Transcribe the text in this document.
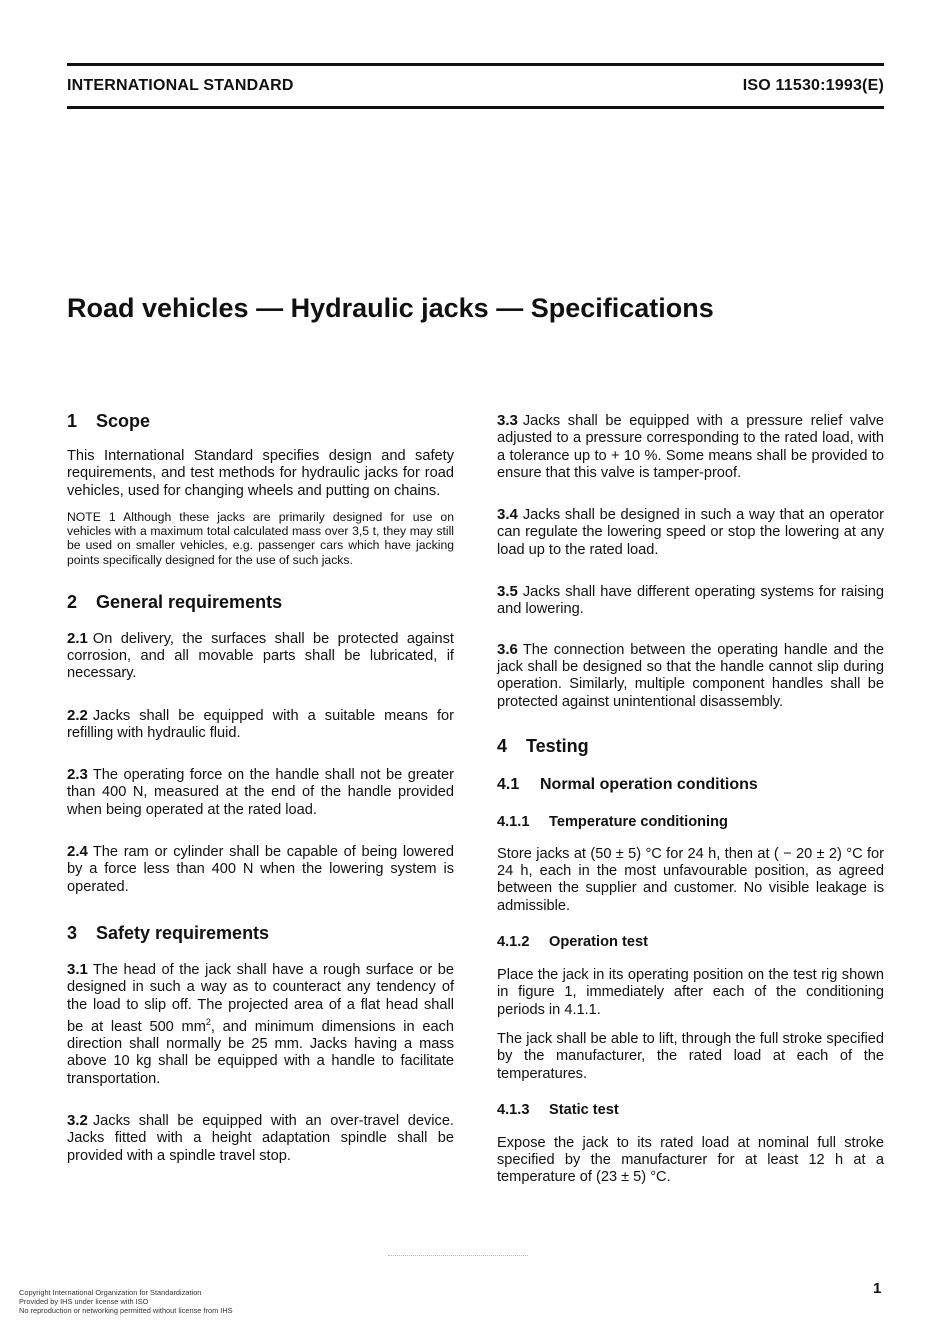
INTERNATIONAL STANDARD	ISO 11530:1993(E)
Road vehicles — Hydraulic jacks — Specifications
1 Scope

This International Standard specifies design and safety requirements, and test methods for hydraulic jacks for road vehicles, used for changing wheels and putting on chains.

NOTE 1 Although these jacks are primarily designed for use on vehicles with a maximum total calculated mass over 3,5 t, they may still be used on smaller vehicles, e.g. passenger cars which have jacking points specifically designed for the use of such jacks.

2 General requirements

2.1 On delivery, the surfaces shall be protected against corrosion, and all movable parts shall be lubricated, if necessary.

2.2 Jacks shall be equipped with a suitable means for refilling with hydraulic fluid.

2.3 The operating force on the handle shall not be greater than 400 N, measured at the end of the handle provided when being operated at the rated load.

2.4 The ram or cylinder shall be capable of being lowered by a force less than 400 N when the lowering system is operated.

3 Safety requirements

3.1 The head of the jack shall have a rough surface or be designed in such a way as to counteract any tendency of the load to slip off. The projected area of a flat head shall be at least 500 $mm^2$, and minimum dimensions in each direction shall normally be 25 mm. Jacks having a mass above 10 kg shall be equipped with a handle to facilitate transportation.

3.2 Jacks shall be equipped with an over-travel device. Jacks fitted with a height adaptation spindle shall be provided with a spindle travel stop.

3.3 Jacks shall be equipped with a pressure relief valve adjusted to a pressure corresponding to the rated load, with a tolerance up to + 10 %. Some means shall be provided to ensure that this valve is tamper-proof.

3.4 Jacks shall be designed in such a way that an operator can regulate the lowering speed or stop the lowering at any load up to the rated load.

3.5 Jacks shall have different operating systems for raising and lowering.

3.6 The connection between the operating handle and the jack shall be designed so that the handle cannot slip during operation. Similarly, multiple component handles shall be protected against unintentional disassembly.

4 Testing
4.1 Normal operation conditions
4.1.1 Temperature conditioning

Store jacks at (50 ± 5) °C for 24 h, then at ( − 20 ± 2) °C for 24 h, each in the most unfavourable position, as agreed between the supplier and customer. No visible leakage is admissible.

4.1.2 Operation test

Place the jack in its operating position on the test rig shown in figure 1, immediately after each of the conditioning periods in 4.1.1.

The jack shall be able to lift, through the full stroke specified by the manufacturer, the rated load at each of the temperatures.

4.1.3 Static test

Expose the jack to its rated load at nominal full stroke specified by the manufacturer for at least 12 h at a temperature of (23 ± 5) °C.

Copyright International Organization for Standardization
Provided by IHS under license with ISO
No reproduction or networking permitted without license from IHS
1
